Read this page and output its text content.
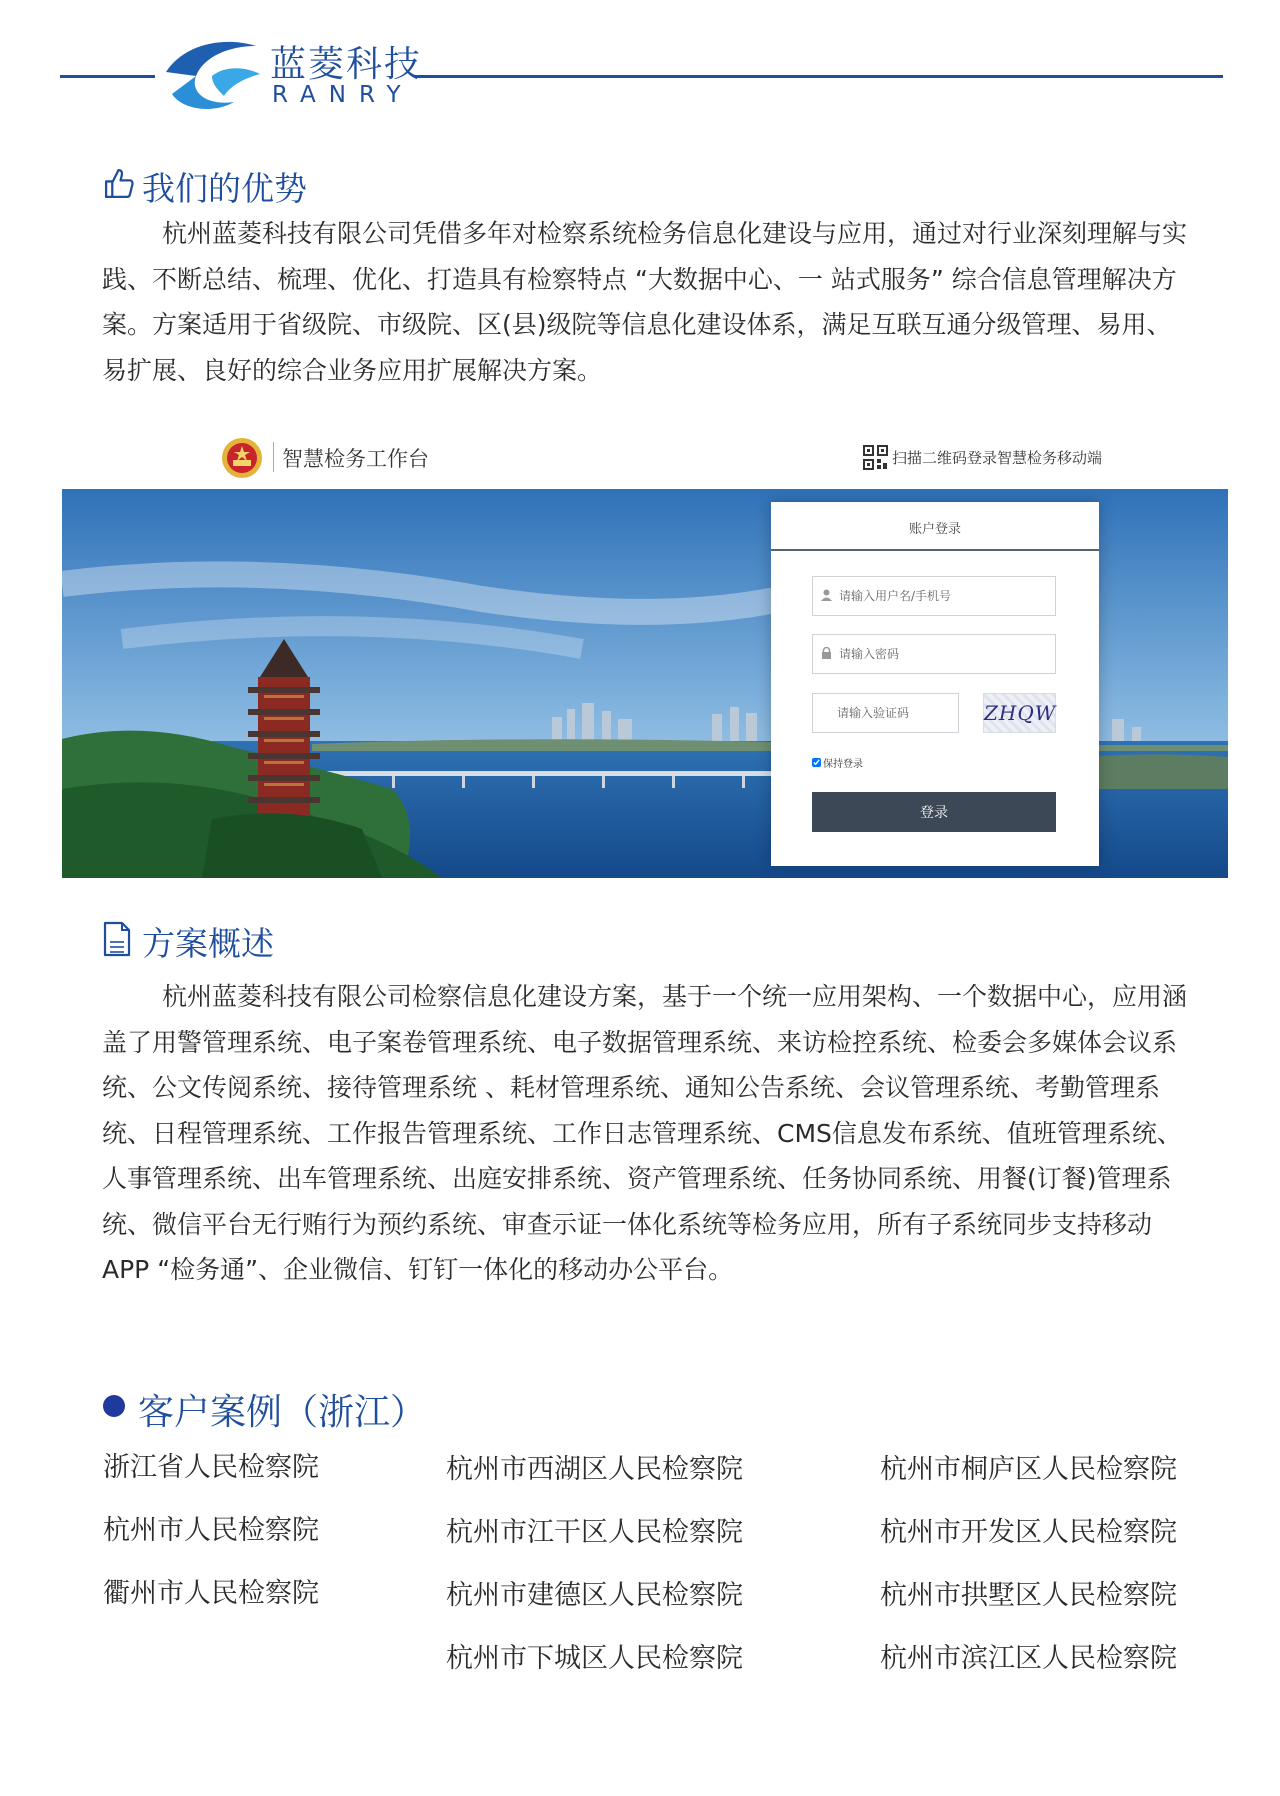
蓝菱科技
RANRY
我们的优势

杭州蓝菱科技有限公司凭借多年对检察系统检务信息化建设与应用，通过对行业深刻理解与实践、不断总结、梳理、优化、打造具有检察特点 “大数据中心、一 站式服务” 综合信息管理解决方案。方案适用于省级院、市级院、区(县)级院等信息化建设体系，满足互联互通分级管理、易用、易扩展、良好的综合业务应用扩展解决方案。

智慧检务工作台	扫描二维码登录智慧检务移动端
账户登录
请输入用户名/手机号
请输入验证码
ZHQW
保持登录
登录
方案概述

杭州蓝菱科技有限公司检察信息化建设方案，基于一个统一应用架构、一个数据中心，应用涵盖了用警管理系统、电子案卷管理系统、电子数据管理系统、来访检控系统、检委会多媒体会议系统、公文传阅系统、接待管理系统 、耗材管理系统、通知公告系统、会议管理系统、考勤管理系统、日程管理系统、工作报告管理系统、工作日志管理系统、CMS信息发布系统、值班管理系统、人事管理系统、出车管理系统、出庭安排系统、资产管理系统、任务协同系统、用餐(订餐)管理系统、微信平台无行贿行为预约系统、审查示证一体化系统等检务应用，所有子系统同步支持移动APP “检务通”、企业微信、钉钉一体化的移动办公平台。

客户案例（浙江）
浙江省人民检察院
杭州市人民检察院
衢州市人民检察院
杭州市西湖区人民检察院
杭州市江干区人民检察院
杭州市建德区人民检察院
杭州市下城区人民检察院
杭州市桐庐区人民检察院
杭州市开发区人民检察院
杭州市拱墅区人民检察院
杭州市滨江区人民检察院
